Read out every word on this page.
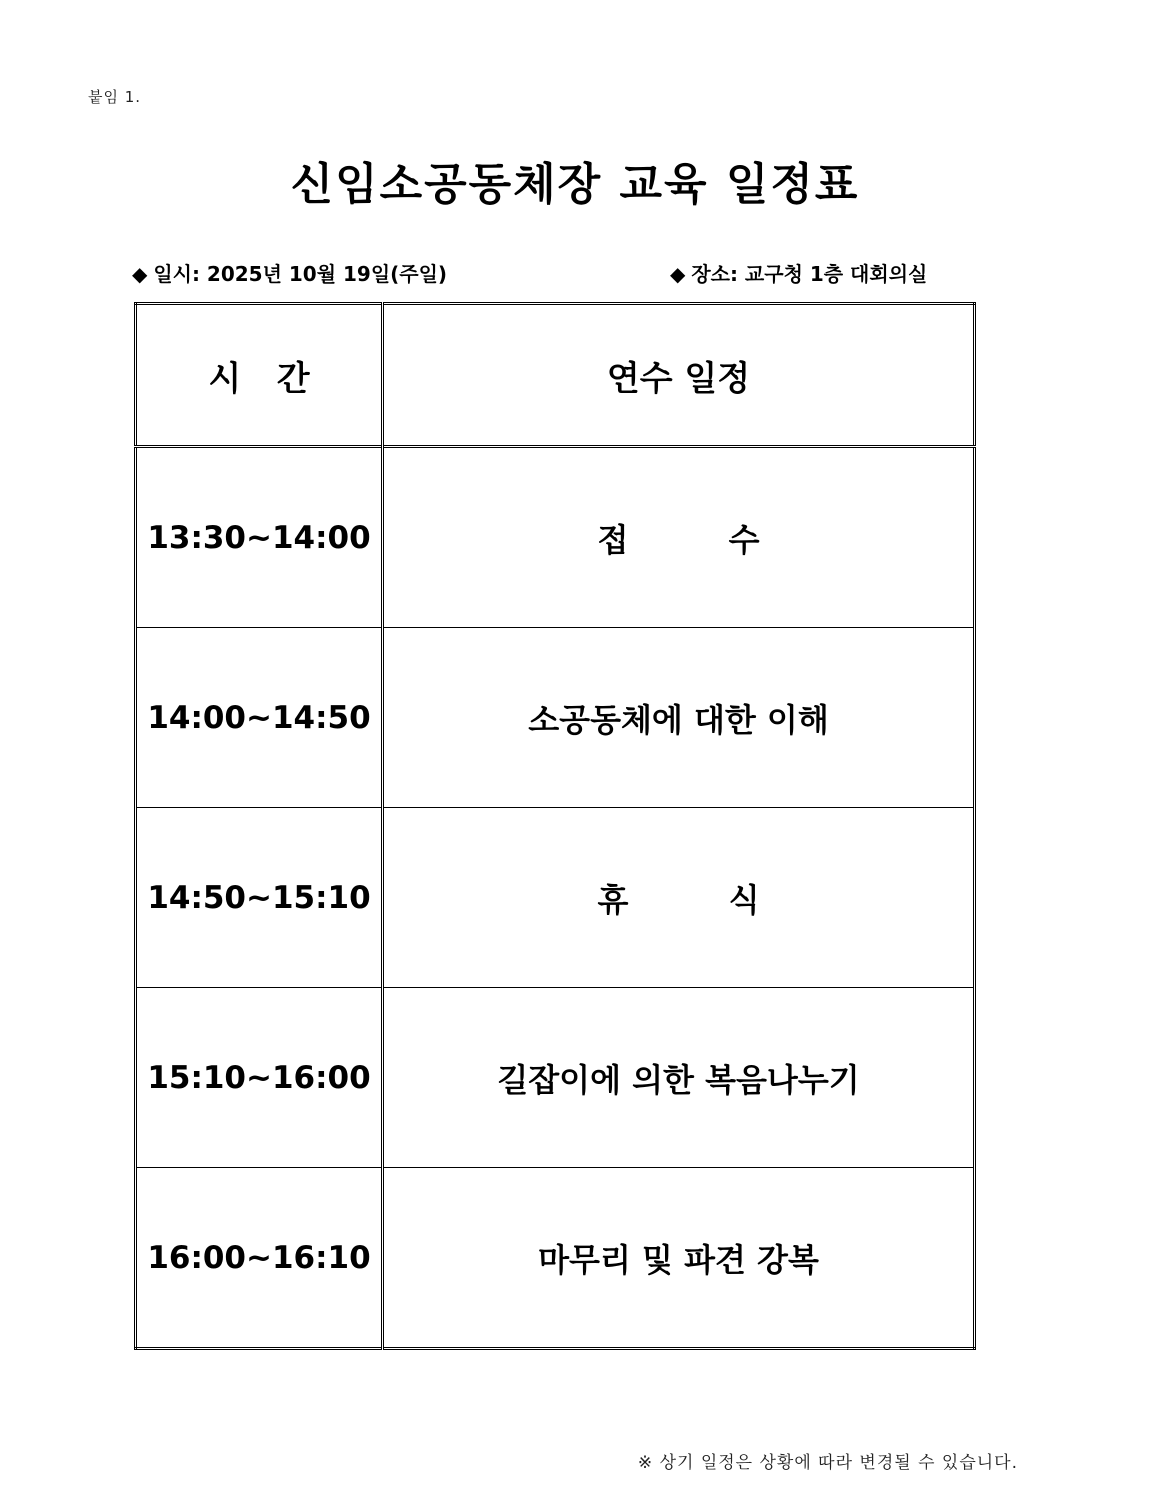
붙임 1.
신임소공동체장 교육 일정표

◆ 일시: 2025년 10월 19일(주일)	◆ 장소: 교구청 1층 대회의실

시   간	연수 일정
13:30~14:00	접         수
14:00~14:50	소공동체에 대한 이해
14:50~15:10	휴         식
15:10~16:00	길잡이에 의한 복음나누기
16:00~16:10	마무리 및 파견 강복
※ 상기 일정은 상황에 따라 변경될 수 있습니다.
